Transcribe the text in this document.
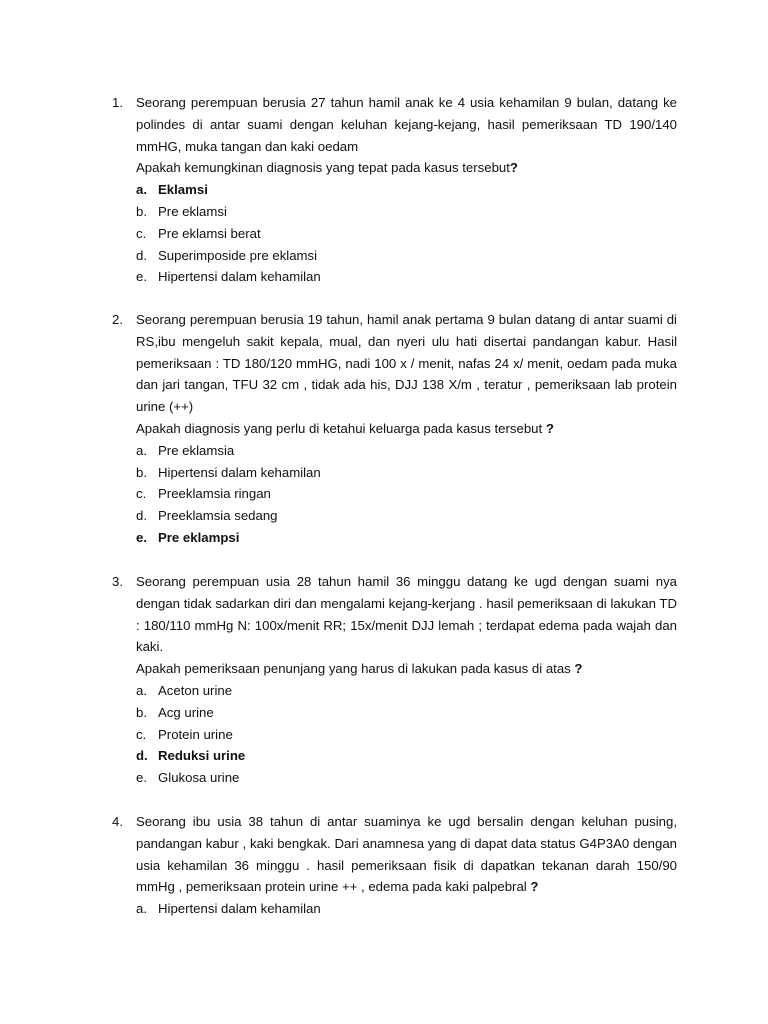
1. Seorang perempuan berusia 27 tahun hamil anak ke 4 usia kehamilan 9 bulan, datang ke polindes di antar suami dengan keluhan kejang-kejang, hasil pemeriksaan TD 190/140 mmHG, muka tangan dan kaki oedam
Apakah kemungkinan diagnosis yang tepat pada kasus tersebut?
a. Eklamsi
b. Pre eklamsi
c. Pre eklamsi berat
d. Superimposide pre eklamsi
e. Hipertensi dalam kehamilan
2. Seorang perempuan berusia 19 tahun, hamil anak pertama 9 bulan datang di antar suami di RS,ibu mengeluh sakit kepala, mual, dan nyeri ulu hati disertai pandangan kabur. Hasil pemeriksaan : TD 180/120 mmHG, nadi 100 x / menit, nafas 24 x/ menit, oedam pada muka dan jari tangan, TFU 32 cm , tidak ada his, DJJ 138 X/m , teratur , pemeriksaan lab protein urine (++)
Apakah diagnosis yang perlu di ketahui keluarga pada kasus tersebut ?
a. Pre eklamsia
b. Hipertensi dalam kehamilan
c. Preeklamsia ringan
d. Preeklamsia sedang
e. Pre eklampsi
3. Seorang perempuan usia 28 tahun hamil 36 minggu datang ke ugd dengan suami nya dengan tidak sadarkan diri dan mengalami kejang-kerjang . hasil pemeriksaan di lakukan TD : 180/110 mmHg N: 100x/menit RR; 15x/menit DJJ lemah ; terdapat edema pada wajah dan kaki.
Apakah pemeriksaan penunjang yang harus di lakukan pada kasus di atas ?
a. Aceton urine
b. Acg urine
c. Protein urine
d. Reduksi urine
e. Glukosa urine
4. Seorang ibu usia 38 tahun di antar suaminya ke ugd bersalin dengan keluhan pusing, pandangan kabur , kaki bengkak. Dari anamnesa yang di dapat data status G4P3A0 dengan usia kehamilan 36 minggu . hasil pemeriksaan fisik di dapatkan tekanan darah 150/90 mmHg , pemeriksaan protein urine ++ , edema pada kaki palpebral ?
a. Hipertensi dalam kehamilan
